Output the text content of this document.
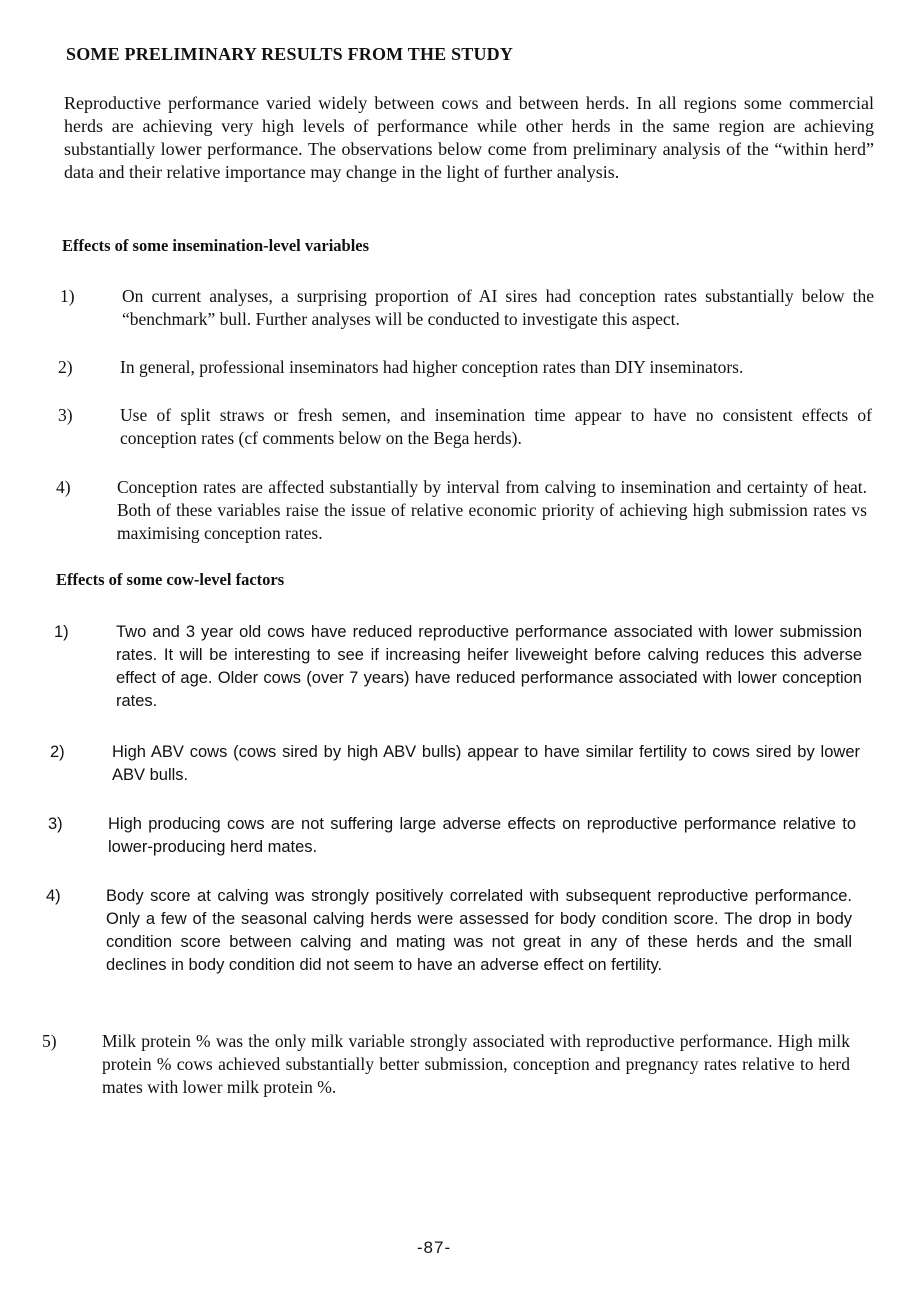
SOME PRELIMINARY RESULTS FROM THE STUDY

Reproductive performance varied widely between cows and between herds. In all regions some commercial herds are achieving very high levels of performance while other herds in the same region are achieving substantially lower performance. The observations below come from preliminary analysis of the “within herd” data and their relative importance may change in the light of further analysis.

Effects of some insemination-level variables
1)	On current analyses, a surprising proportion of AI sires had conception rates substantially below the “benchmark” bull. Further analyses will be conducted to investigate this aspect.
2)	In general, professional inseminators had higher conception rates than DIY inseminators.
3)	Use of split straws or fresh semen, and insemination time appear to have no consistent effects of conception rates (cf comments below on the Bega herds).
4)	Conception rates are affected substantially by interval from calving to insemination and certainty of heat. Both of these variables raise the issue of relative economic priority of achieving high submission rates vs maximising conception rates.
Effects of some cow-level factors
1)	Two and 3 year old cows have reduced reproductive performance associated with lower submission rates. It will be interesting to see if increasing heifer liveweight before calving reduces this adverse effect of age. Older cows (over 7 years) have reduced performance associated with lower conception rates.
2)	High ABV cows (cows sired by high ABV bulls) appear to have similar fertility to cows sired by lower ABV bulls.
3)	High producing cows are not suffering large adverse effects on reproductive performance relative to lower-producing herd mates.
4)	Body score at calving was strongly positively correlated with subsequent reproductive performance. Only a few of the seasonal calving herds were assessed for body condition score. The drop in body condition score between calving and mating was not great in any of these herds and the small declines in body condition did not seem to have an adverse effect on fertility.
5)	Milk protein % was the only milk variable strongly associated with reproductive performance. High milk protein % cows achieved substantially better submission, conception and pregnancy rates relative to herd mates with lower milk protein %.
-87-
